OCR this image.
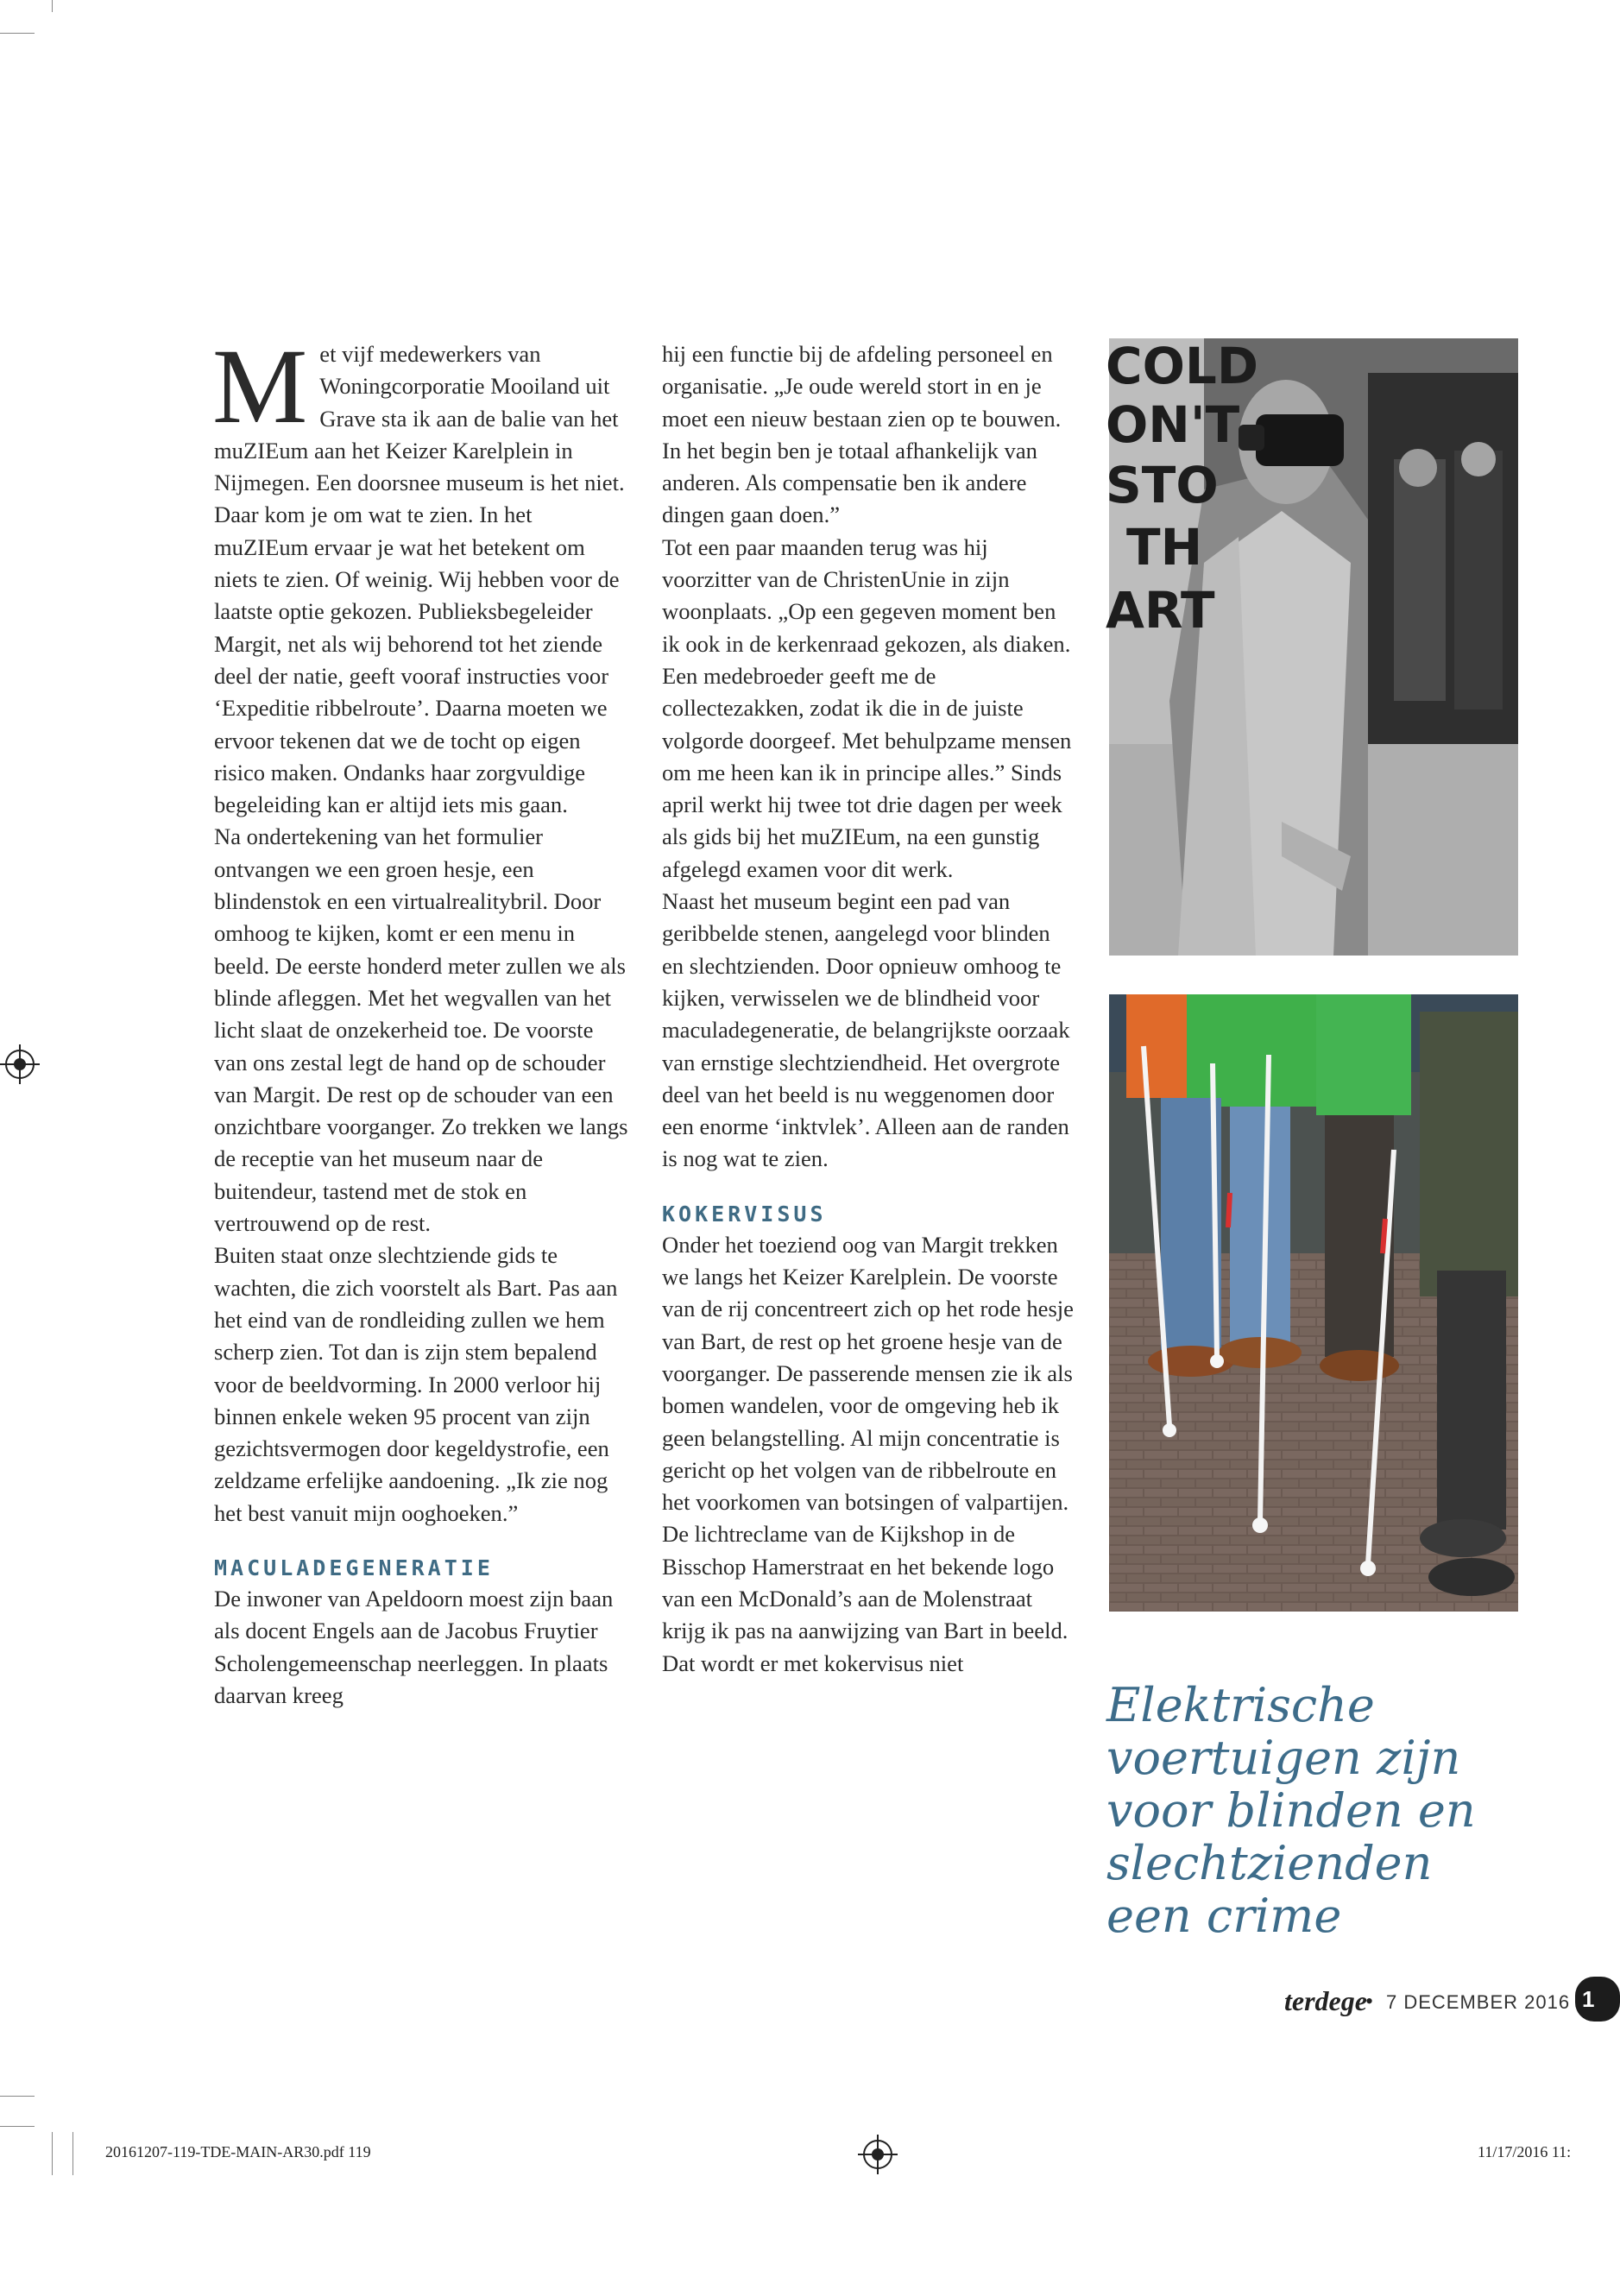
Met vijf medewerkers van Woningcorporatie Mooiland uit Grave sta ik aan de balie van het muZIEum aan het Keizer Karelplein in Nijmegen. Een doorsnee museum is het niet. Daar kom je om wat te zien. In het muZIEum ervaar je wat het betekent om niets te zien. Of weinig. Wij hebben voor de laatste optie gekozen. Publieksbegeleider Margit, net als wij behorend tot het ziende deel der natie, geeft vooraf instructies voor ‘Expeditie ribbelroute’. Daarna moeten we ervoor tekenen dat we de tocht op eigen risico maken. Ondanks haar zorgvuldige begeleiding kan er altijd iets mis gaan.

Na ondertekening van het formulier ontvangen we een groen hesje, een blindenstok en een virtualrealitybril. Door omhoog te kijken, komt er een menu in beeld. De eerste honderd meter zullen we als blinde afleggen. Met het wegvallen van het licht slaat de onzekerheid toe. De voorste van ons zestal legt de hand op de schouder van Margit. De rest op de schouder van een onzichtbare voorganger. Zo trekken we langs de receptie van het museum naar de buitendeur, tastend met de stok en vertrouwend op de rest.

Buiten staat onze slechtziende gids te wachten, die zich voorstelt als Bart. Pas aan het eind van de rondleiding zullen we hem scherp zien. Tot dan is zijn stem bepalend voor de beeldvorming. In 2000 verloor hij binnen enkele weken 95 procent van zijn gezichtsvermogen door kegeldystrofie, een zeldzame erfelijke aandoening. „Ik zie nog het best vanuit mijn ooghoeken.”

MACULADEGENERATIE

De inwoner van Apeldoorn moest zijn baan als docent Engels aan de Jacobus Fruytier Scholengemeenschap neerleggen. In plaats daarvan kreeg

hij een functie bij de afdeling personeel en organisatie. „Je oude wereld stort in en je moet een nieuw bestaan zien op te bouwen. In het begin ben je totaal afhankelijk van anderen. Als compensatie ben ik andere dingen gaan doen.”

Tot een paar maanden terug was hij voorzitter van de ChristenUnie in zijn woonplaats. „Op een gegeven moment ben ik ook in de kerkenraad gekozen, als diaken. Een medebroeder geeft me de collectezakken, zodat ik die in de juiste volgorde doorgeef. Met behulpzame mensen om me heen kan ik in principe alles.” Sinds april werkt hij twee tot drie dagen per week als gids bij het muZIEum, na een gunstig afgelegd examen voor dit werk.

Naast het museum begint een pad van geribbelde stenen, aangelegd voor blinden en slechtzienden. Door opnieuw omhoog te kijken, verwisselen we de blindheid voor maculadegeneratie, de belangrijkste oorzaak van ernstige slechtziendheid. Het overgrote deel van het beeld is nu weggenomen door een enorme ‘inktvlek’. Alleen aan de randen is nog wat te zien.

KOKERVISUS

Onder het toeziend oog van Margit trekken we langs het Keizer Karelplein. De voorste van de rij concentreert zich op het rode hesje van Bart, de rest op het groene hesje van de voorganger. De passerende mensen zie ik als bomen wandelen, voor de omgeving heb ik geen belangstelling. Al mijn concentratie is gericht op het volgen van de ribbelroute en het voorkomen van botsingen of valpartijen. De lichtreclame van de Kijkshop in de Bisschop Hamerstraat en het bekende logo van een McDonald’s aan de Molenstraat krijg ik pas na aanwijzing van Bart in beeld.

Dat wordt er met kokervisus niet

COLD
ON'T
STO
TH
ART
Elektrische voertuigen zijn voor blinden en slechtzienden een crime
terdege
• 7 DECEMBER 2016 1
20161207-119-TDE-MAIN-AR30.pdf 119	11/17/2016 11:
